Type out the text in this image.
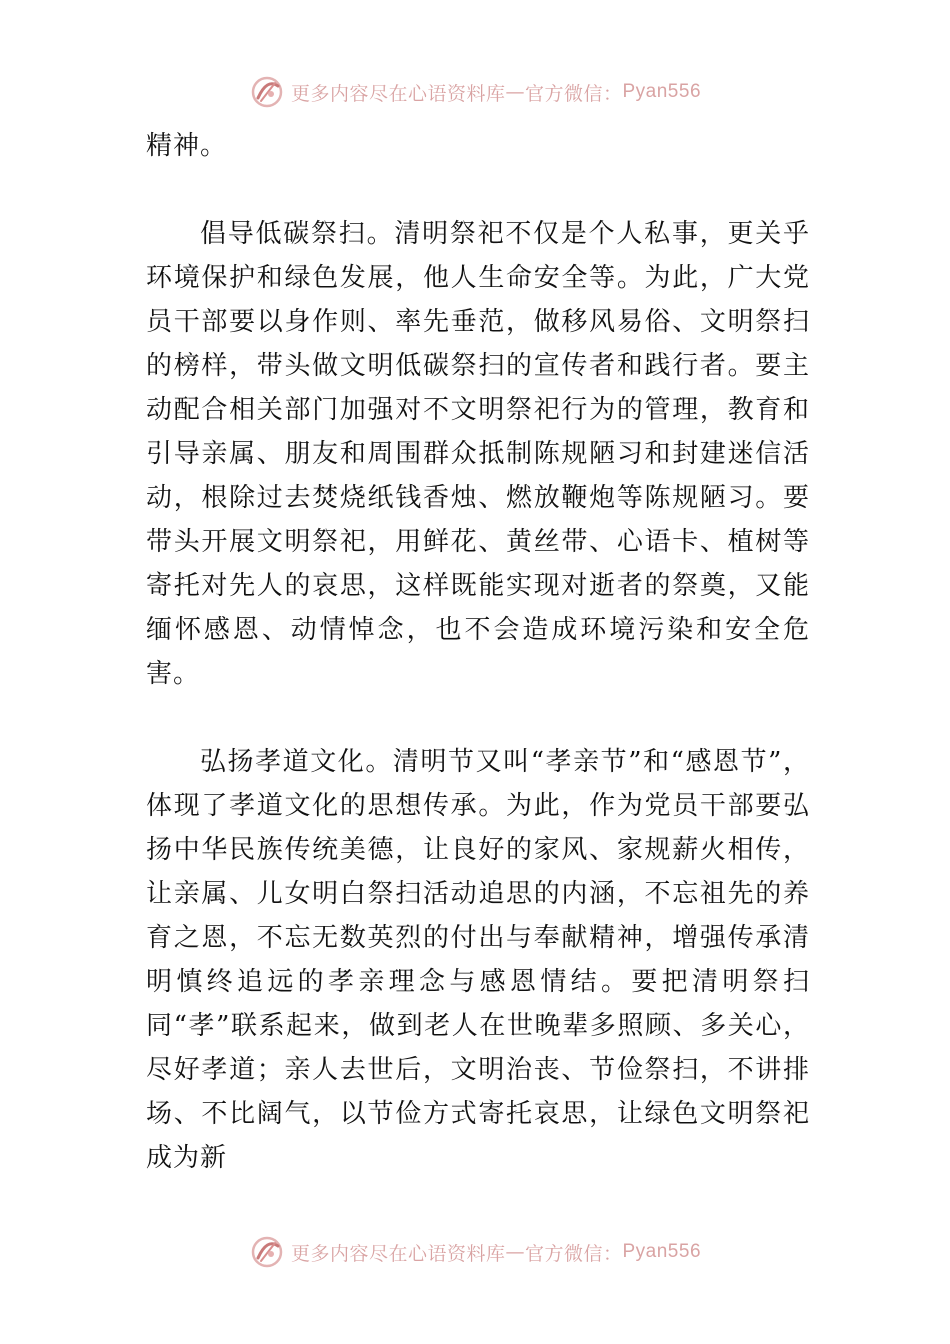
更多内容尽在心语资料库 — 官方微信： Pyan556

精神。

倡导低碳祭扫。清明祭祀不仅是个人私事，更关乎环境保护和绿色发展，他人生命安全等。为此，广大党员干部要以身作则、率先垂范，做移风易俗、文明祭扫的榜样，带头做文明低碳祭扫的宣传者和践行者。要主动配合相关部门加强对不文明祭祀行为的管理，教育和引导亲属、朋友和周围群众抵制陈规陋习和封建迷信活动，根除过去焚烧纸钱香烛、燃放鞭炮等陈规陋习。要带头开展文明祭祀，用鲜花、黄丝带、心语卡、植树等寄托对先人的哀思，这样既能实现对逝者的祭奠，又能缅怀感恩、动情悼念，也不会造成环境污染和安全危害。

弘扬孝道文化。清明节又叫“孝亲节”和“感恩节”，体现了孝道文化的思想传承。为此，作为党员干部要弘扬中华民族传统美德，让良好的家风、家规薪火相传，让亲属、儿女明白祭扫活动追思的内涵，不忘祖先的养育之恩，不忘无数英烈的付出与奉献精神，增强传承清明慎终追远的孝亲理念与感恩情结。要把清明祭扫同“孝”联系起来，做到老人在世晚辈多照顾、多关心，尽好孝道；亲人去世后，文明治丧、节俭祭扫，不讲排场、不比阔气，以节俭方式寄托哀思，让绿色文明祭祀成为新

更多内容尽在心语资料库 — 官方微信： Pyan556
